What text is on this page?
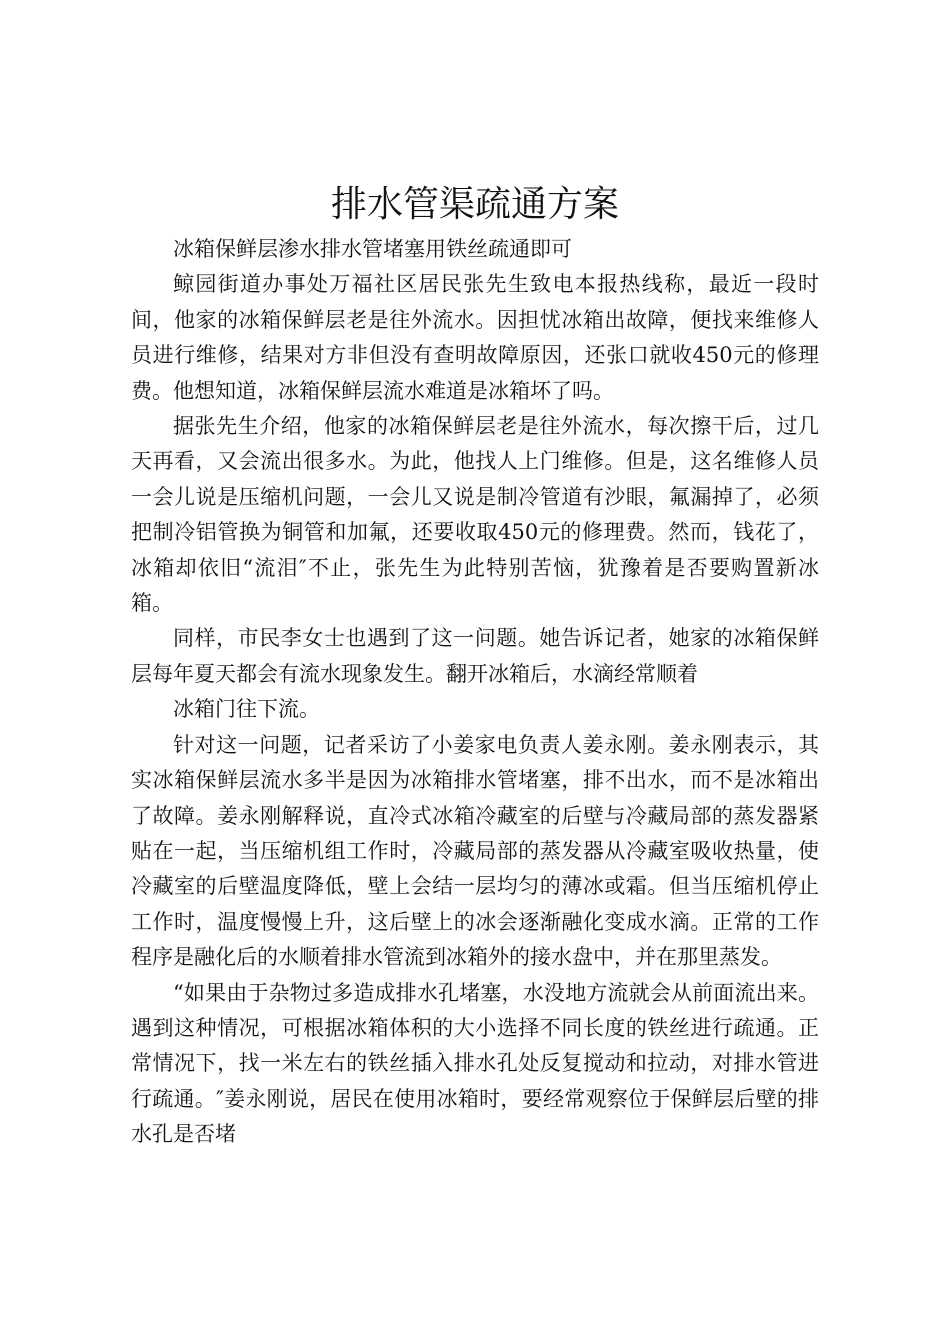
排水管渠疏通方案

冰箱保鲜层渗水排水管堵塞用铁丝疏通即可

鲸园街道办事处万福社区居民张先生致电本报热线称，最近一段时间，他家的冰箱保鲜层老是往外流水。因担忧冰箱出故障，便找来维修人员进行维修，结果对方非但没有查明故障原因，还张口就收450元的修理费。他想知道，冰箱保鲜层流水难道是冰箱坏了吗。

据张先生介绍，他家的冰箱保鲜层老是往外流水，每次擦干后，过几天再看，又会流出很多水。为此，他找人上门维修。但是，这名维修人员一会儿说是压缩机问题，一会儿又说是制冷管道有沙眼，氟漏掉了，必须把制冷铝管换为铜管和加氟，还要收取450元的修理费。然而，钱花了，冰箱却依旧“流泪″不止，张先生为此特别苦恼，犹豫着是否要购置新冰箱。

同样，市民李女士也遇到了这一问题。她告诉记者，她家的冰箱保鲜层每年夏天都会有流水现象发生。翻开冰箱后，水滴经常顺着

冰箱门往下流。

针对这一问题，记者采访了小姜家电负责人姜永刚。姜永刚表示，其实冰箱保鲜层流水多半是因为冰箱排水管堵塞，排不出水，而不是冰箱出了故障。姜永刚解释说，直冷式冰箱冷藏室的后壁与冷藏局部的蒸发器紧贴在一起，当压缩机组工作时，冷藏局部的蒸发器从冷藏室吸收热量，使冷藏室的后壁温度降低，壁上会结一层均匀的薄冰或霜。但当压缩机停止工作时，温度慢慢上升，这后壁上的冰会逐渐融化变成水滴。正常的工作程序是融化后的水顺着排水管流到冰箱外的接水盘中，并在那里蒸发。

“如果由于杂物过多造成排水孔堵塞，水没地方流就会从前面流出来。遇到这种情况，可根据冰箱体积的大小选择不同长度的铁丝进行疏通。正常情况下，找一米左右的铁丝插入排水孔处反复搅动和拉动，对排水管进行疏通。″姜永刚说，居民在使用冰箱时，要经常观察位于保鲜层后壁的排水孔是否堵
